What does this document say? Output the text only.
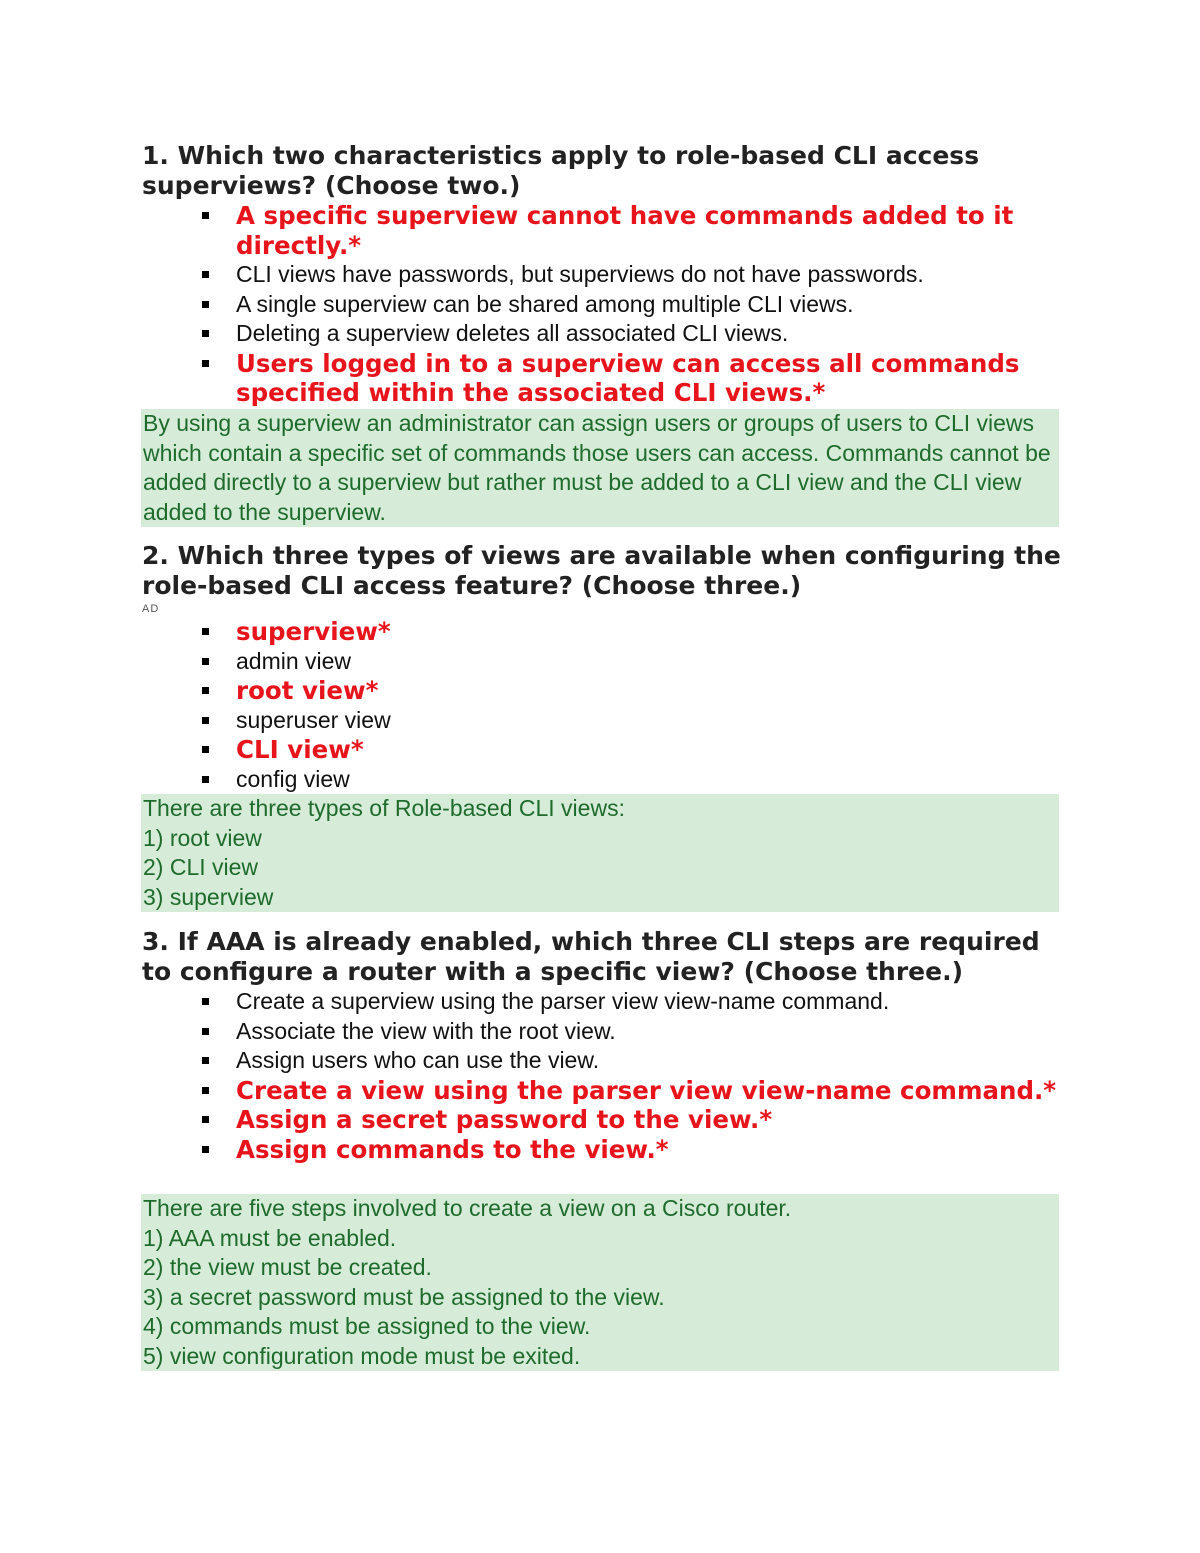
1. Which two characteristics apply to role-based CLI access superviews? (Choose two.)
A specific superview cannot have commands added to it directly.*
CLI views have passwords, but superviews do not have passwords.
A single superview can be shared among multiple CLI views.
Deleting a superview deletes all associated CLI views.
Users logged in to a superview can access all commands specified within the associated CLI views.*

By using a superview an administrator can assign users or groups of users to CLI views which contain a specific set of commands those users can access. Commands cannot be added directly to a superview but rather must be added to a CLI view and the CLI view added to the superview.

2. Which three types of views are available when configuring the role-based CLI access feature? (Choose three.)
AD
superview*
admin view
root view*
superuser view
CLI view*
config view

There are three types of Role-based CLI views:

1) root view

2) CLI view

3) superview

3. If AAA is already enabled, which three CLI steps are required to configure a router with a specific view? (Choose three.)
Create a superview using the parser view view-name command.
Associate the view with the root view.
Assign users who can use the view.
Create a view using the parser view view-name command.*
Assign a secret password to the view.*
Assign commands to the view.*

There are five steps involved to create a view on a Cisco router.

1) AAA must be enabled.

2) the view must be created.

3) a secret password must be assigned to the view.

4) commands must be assigned to the view.

5) view configuration mode must be exited.
